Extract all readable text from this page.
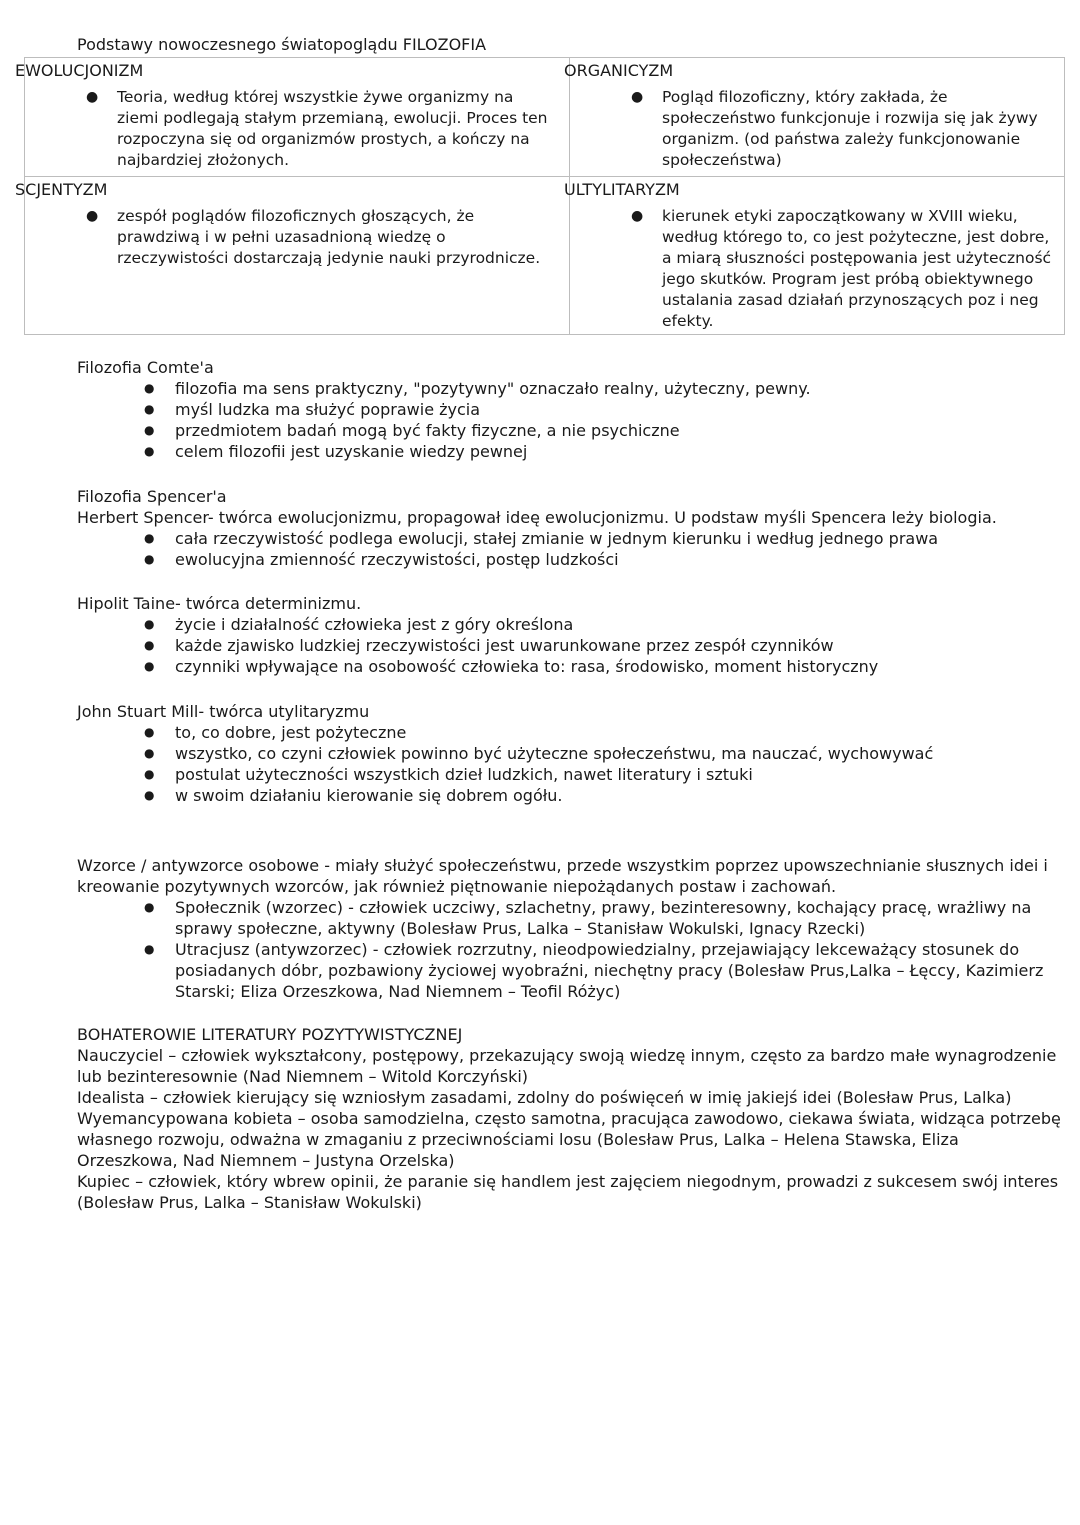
Podstawy nowoczesnego światopoglądu FILOZOFIA
EWOLUCJONIZM
● Teoria, według której wszystkie żywe organizmy na ziemi podlegają stałym przemianą, ewolucji. Proces ten rozpoczyna się od organizmów prostych, a kończy na najbardziej złożonych.
ORGANICYZM
● Pogląd filozoficzny, który zakłada, że społeczeństwo funkcjonuje i rozwija się jak żywy organizm. (od państwa zależy funkcjonowanie społeczeństwa)
SCJENTYZM
● zespół poglądów filozoficznych głoszących, że prawdziwą i w pełni uzasadnioną wiedzę o rzeczywistości dostarczają jedynie nauki przyrodnicze.
ULTYLITARYZM
● kierunek etyki zapoczątkowany w XVIII wieku, według którego to, co jest pożyteczne, jest dobre, a miarą słuszności postępowania jest użyteczność jego skutków. Program jest próbą obiektywnego ustalania zasad działań przynoszących poz i neg efekty.
Filozofia Comte'a
● filozofia ma sens praktyczny, "pozytywny" oznaczało realny, użyteczny, pewny.
● myśl ludzka ma służyć poprawie życia
● przedmiotem badań mogą być fakty fizyczne, a nie psychiczne
● celem filozofii jest uzyskanie wiedzy pewnej
Filozofia Spencer'a
Herbert Spencer- twórca ewolucjonizmu, propagował ideę ewolucjonizmu. U podstaw myśli Spencera leży biologia.
● cała rzeczywistość podlega ewolucji, stałej zmianie w jednym kierunku i według jednego prawa
● ewolucyjna zmienność rzeczywistości, postęp ludzkości
Hipolit Taine- twórca determinizmu.
● życie i działalność człowieka jest z góry określona
● każde zjawisko ludzkiej rzeczywistości jest uwarunkowane przez zespół czynników
● czynniki wpływające na osobowość człowieka to: rasa, środowisko, moment historyczny
John Stuart Mill- twórca utylitaryzmu
● to, co dobre, jest pożyteczne
● wszystko, co czyni człowiek powinno być użyteczne społeczeństwu, ma nauczać, wychowywać
● postulat użyteczności wszystkich dzieł ludzkich, nawet literatury i sztuki
● w swoim działaniu kierowanie się dobrem ogółu.

Wzorce / antywzorce osobowe - miały służyć społeczeństwu, przede wszystkim poprzez upowszechnianie słusznych idei i kreowanie pozytywnych wzorców, jak również piętnowanie niepożądanych postaw i zachowań.

● Społecznik (wzorzec) - człowiek uczciwy, szlachetny, prawy, bezinteresowny, kochający pracę, wrażliwy na sprawy społeczne, aktywny (Bolesław Prus, Lalka – Stanisław Wokulski, Ignacy Rzecki)
● Utracjusz (antywzorzec) - człowiek rozrzutny, nieodpowiedzialny, przejawiający lekceważący stosunek do posiadanych dóbr, pozbawiony życiowej wyobraźni, niechętny pracy (Bolesław Prus,Lalka – Łęccy, Kazimierz Starski; Eliza Orzeszkowa, Nad Niemnem – Teofil Różyc)
BOHATEROWIE LITERATURY POZYTYWISTYCZNEJ

Nauczyciel – człowiek wykształcony, postępowy, przekazujący swoją wiedzę innym, często za bardzo małe wynagrodzenie lub bezinteresownie (Nad Niemnem – Witold Korczyński)

Idealista – człowiek kierujący się wzniosłym zasadami, zdolny do poświęceń w imię jakiejś idei (Bolesław Prus, Lalka)

Wyemancypowana kobieta – osoba samodzielna, często samotna, pracująca zawodowo, ciekawa świata, widząca potrzebę własnego rozwoju, odważna w zmaganiu z przeciwnościami losu (Bolesław Prus, Lalka – Helena Stawska, Eliza Orzeszkowa, Nad Niemnem – Justyna Orzelska)

Kupiec – człowiek, który wbrew opinii, że paranie się handlem jest zajęciem niegodnym, prowadzi z sukcesem swój interes

(Bolesław Prus, Lalka – Stanisław Wokulski)
